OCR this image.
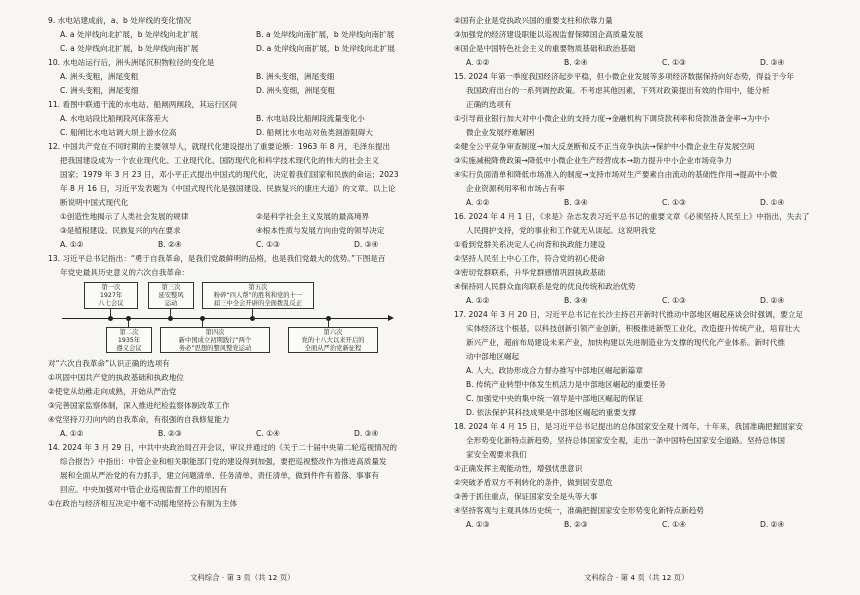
9. 水电站建成前，a、b 处岸线的变化情况
A. a 处岸线向北扩展，b 处岸线向北扩展	B. a 处岸线向南扩展，b 处岸线向南扩展
C. a 处岸线向北扩展，b 处岸线向南扩展	D. a 处岸线向南扩展，b 处岸线向北扩展
10. 水电站运行后，洲头洲尾沉积物粒径的变化是
A. 洲头变粗，洲尾变粗	B. 洲头变细，洲尾变细
C. 洲头变粗，洲尾变细	D. 洲头变细，洲尾变粗
11. 看图中联通干流的水电站、船闸两闸段，其运行区间
A. 水电站段比船闸段河床落差大	B. 水电站段比船闸段流量变化小
C. 船闸比水电站调大坝上游水位高	D. 船闸比水电站对鱼类洄游阻碍大
12. 中国共产党在不同时期的主要领导人，就现代化建设提出了重要论断：1963 年 8 月，毛泽东提出
把我国建设成为一个农业现代化、工业现代化、国防现代化和科学技术现代化的伟大的社会主义
国家；1979 年 3 月 23 日，邓小平正式提出中国式的现代化，决定着我们国家和民族的命运；2023
年 8 月 16 日，习近平发表题为《中国式现代化是强国建设、民族复兴的康庄大道》的文章。以上论
断说明中国式现代化
①创造性地揭示了人类社会发展的规律	②是科学社会主义发展的最高境界
③是植根建设、民族复兴的内在要求	④根本性质与发展方向由党的领导决定
A. ①②	B. ②④	C. ①③	D. ③④
13. 习近平总书记指出：“勇于自我革命，是我们党最鲜明的品格，也是我们党最大的优势。”下图是百
年党史最具历史意义的六次自我革命：
第一次
1927年
八七会议
第二次
1935年
遵义会议
第三次
延安整风
运动
第四次
新中国成立初期践行“两个
务必”思想的整风整党运动
第五次
粉碎“四人帮”的胜利和党的十一
届三中全会开辟的全面拨乱反正
第六次
党的十八大以来开启的
全面从严治党新征程
对“六次自我革命”认识正确的选项有
①巩固中国共产党的执政基础和执政地位
②使党从幼稚走向成熟，开始从严治党
③完善国家监察体制，深入推进纪检监察体制改革工作
④党坚持刀刃向内的自我革命，有很强的自我修复能力
A. ①②	B. ②③	C. ①④	D. ③④
14. 2024 年 3 月 29 日，中共中央政治局召开会议，审议并通过的《关于二十届中央第二轮巡视情况的
综合报告》中指出：中管企业和相关职能部门党的建设得到加强，要把巡视整改作为推进高质量发
展和全面从严治党的有力抓手，建立问题清单、任务清单、责任清单，做到件件有着落、事事有
回应。中央加强对中管企业巡视监督工作的原因有
①在政治与经济相互决定中毫不动摇地坚持公有制为主体
文科综合 · 第 3 页（共 12 页）
②国有企业是党执政兴国的重要支柱和依靠力量
③加强党的经济建设职能以巡视监督保障国企高质量发展
④国企是中国特色社会主义的重要物质基础和政治基础
A. ①②	B. ②④	C. ①③	D. ③④
15. 2024 年第一季度我国经济起步平稳，但小微企业发展等多项经济数据保持向好态势，得益于今年
我国政府出台的一系列调控政策。不考虑其他因素，下列对政策提出有效的作用中，能分析
正确的选项有
①引导商业银行加大对中小微企业的支持力度→金融机构下调贷款利率和贷款准备金率→为中小
微企业发展纾难解困
②健全公平竞争审查制度→加大反垄断和反不正当竞争执法→保护中小微企业生存发展空间
③实施减税降费政策→降低中小微企业生产经营成本→助力提升中小企业市场竞争力
④实行负面清单和降低市场准入的制度→支持市场对生产要素自由流动的基础性作用→提高中小微
企业资源利用率和市场占有率
A. ①②	B. ③④	C. ①③	D. ①④
16. 2024 年 4 月 1 日，《求是》杂志发表习近平总书记的重要文章《必须坚持人民至上》中指出，失去了
人民拥护支持，党的事业和工作就无从谈起。这说明我党
①看到党群关系决定人心向背和执政能力建设
②坚持人民至上中心工作，符合党的初心使命
③密切党群联系，升华党群感情巩固执政基础
④保持同人民群众血肉联系是党的优良传统和政治优势
A. ①②	B. ③④	C. ①③	D. ②④
17. 2024 年 3 月 20 日，习近平总书记在长沙主持召开新时代推动中部地区崛起座谈会时强调，要立足
实体经济这个根基，以科技创新引领产业创新，积极推进新型工业化，改造提升传统产业，培育壮大
新兴产业，超前布局建设未来产业，加快构建以先进制造业为支撑的现代化产业体系。新时代推
动中部地区崛起
A. 人大、政协形成合力督办推写中部地区崛起新篇章
B. 传统产业转型中体发生机活力是中部地区崛起的重要任务
C. 加强党中央的集中统一领导是中部地区崛起的保证
D. 依法保护其科技成果是中部地区崛起的重要支撑
18. 2024 年 4 月 15 日，是习近平总书记提出的总体国家安全观十周年。十年来，我国准确把握国家安
全形势变化新特点新趋势，坚持总体国家安全观，走出一条中国特色国家安全道路。坚持总体国
家安全观要求我们
①正确发挥主观能动性，增强忧患意识
②突破矛盾双方不利转化的条件，做到居安思危
③善于抓住重点，保证国家安全是头等大事
④坚持客观与主观具体历史统一，准确把握国家安全形势变化新特点新趋势
A. ①③	B. ②③	C. ①④	D. ②④
文科综合 · 第 4 页（共 12 页）
